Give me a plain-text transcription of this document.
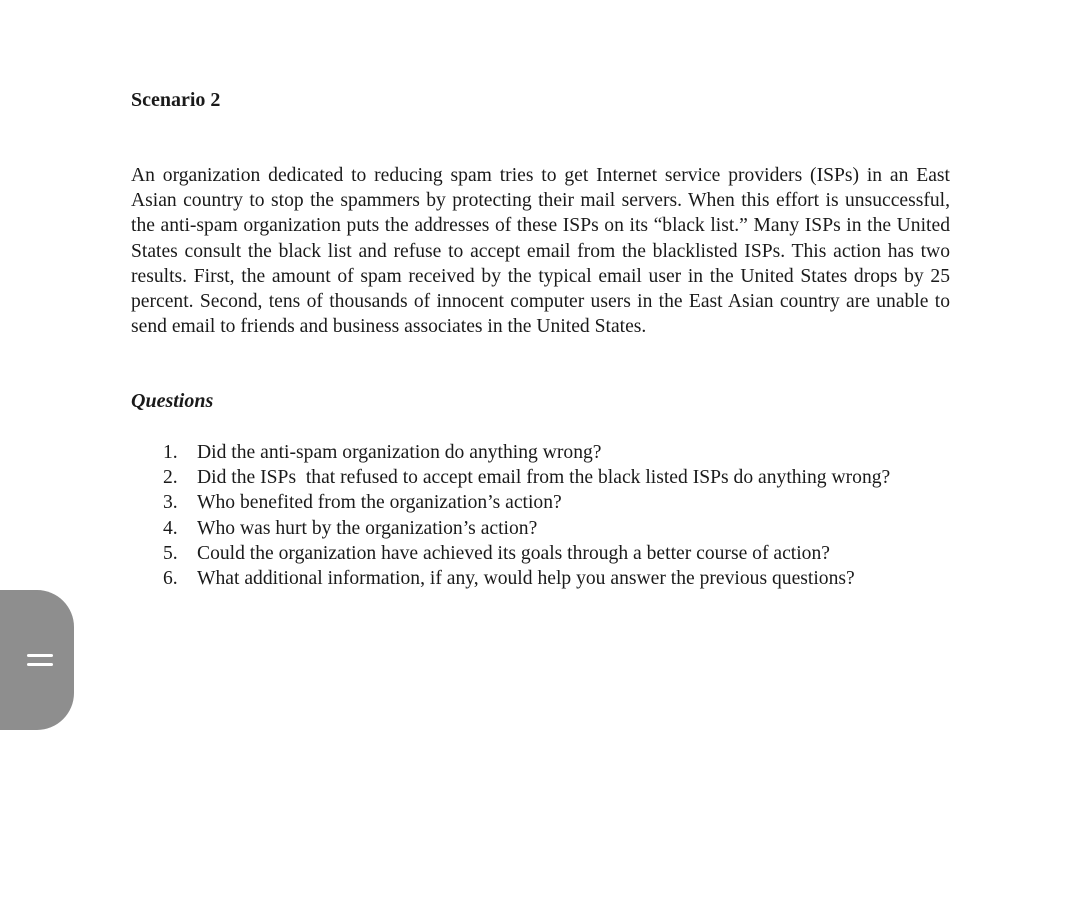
Scenario 2

An organization dedicated to reducing spam tries to get Internet service providers (ISPs) in an East Asian country to stop the spammers by protecting their mail servers. When this effort is unsuccessful, the anti-spam organization puts the addresses of these ISPs on its “black list.” Many ISPs in the United States consult the black list and refuse to accept email from the blacklisted ISPs. This action has two results. First, the amount of spam received by the typical email user in the United States drops by 25 percent. Second, tens of thousands of innocent computer users in the East Asian country are unable to send email to friends and business associates in the United States.

Questions
1. Did the anti-spam organization do anything wrong?
2. Did the ISPs  that refused to accept email from the black listed ISPs do anything wrong?
3. Who benefited from the organization’s action?
4. Who was hurt by the organization’s action?
5. Could the organization have achieved its goals through a better course of action?
6. What additional information, if any, would help you answer the previous questions?
